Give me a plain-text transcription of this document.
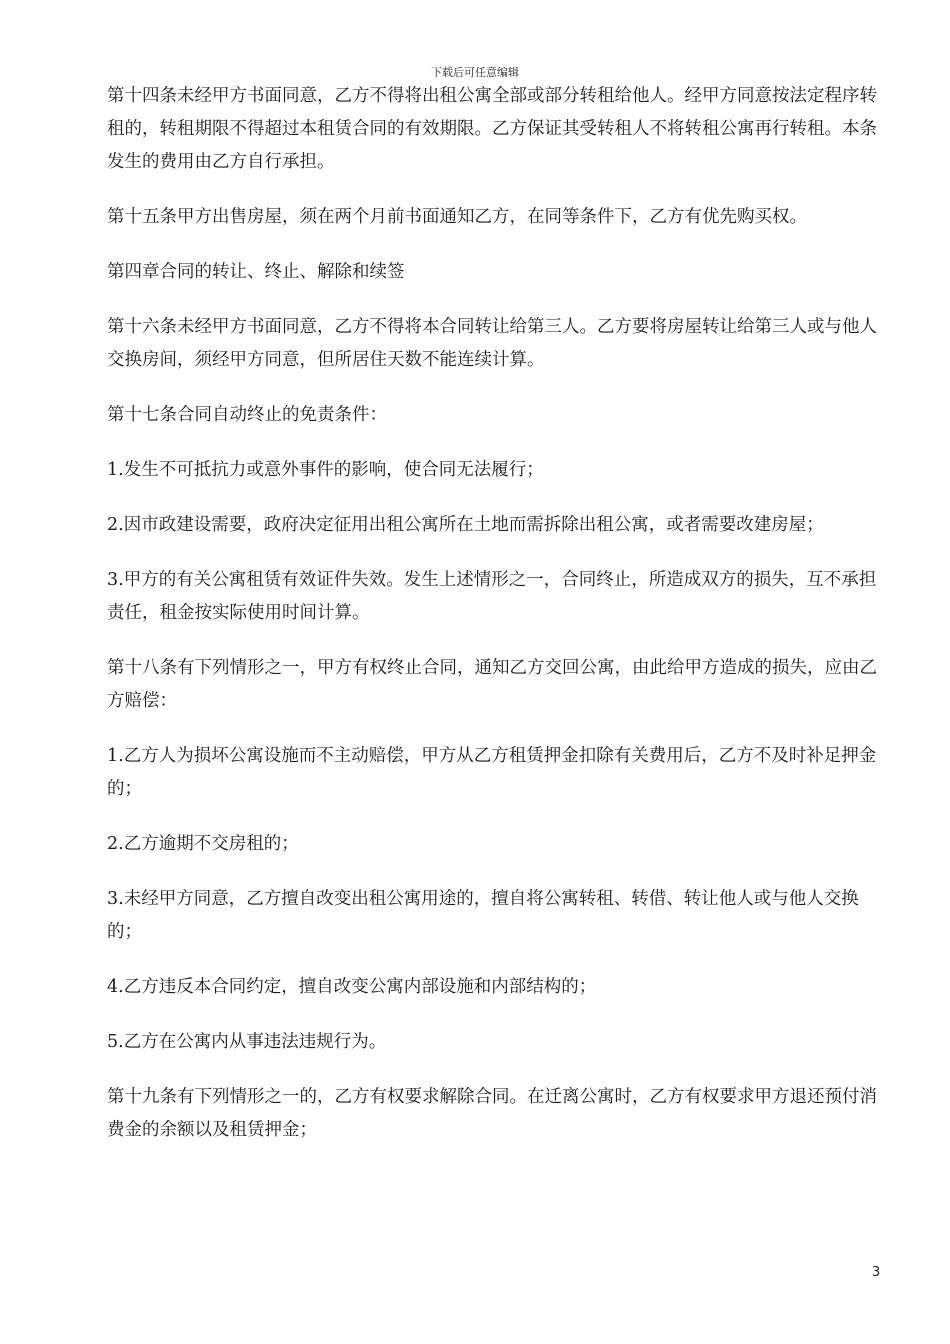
下载后可任意编辑

第十四条未经甲方书面同意，乙方不得将出租公寓全部或部分转租给他人。经甲方同意按法定程序转租的，转租期限不得超过本租赁合同的有效期限。乙方保证其受转租人不将转租公寓再行转租。本条发生的费用由乙方自行承担。

第十五条甲方出售房屋，须在两个月前书面通知乙方，在同等条件下，乙方有优先购买权。

第四章合同的转让、终止、解除和续签

第十六条未经甲方书面同意，乙方不得将本合同转让给第三人。乙方要将房屋转让给第三人或与他人交换房间，须经甲方同意，但所居住天数不能连续计算。

第十七条合同自动终止的免责条件：

1.发生不可抵抗力或意外事件的影响，使合同无法履行；

2.因市政建设需要，政府决定征用出租公寓所在土地而需拆除出租公寓，或者需要改建房屋；

3.甲方的有关公寓租赁有效证件失效。发生上述情形之一，合同终止，所造成双方的损失，互不承担责任，租金按实际使用时间计算。

第十八条有下列情形之一，甲方有权终止合同，通知乙方交回公寓，由此给甲方造成的损失，应由乙方赔偿：

1.乙方人为损坏公寓设施而不主动赔偿，甲方从乙方租赁押金扣除有关费用后，乙方不及时补足押金的；

2.乙方逾期不交房租的；

3.未经甲方同意，乙方擅自改变出租公寓用途的，擅自将公寓转租、转借、转让他人或与他人交换的；

4.乙方违反本合同约定，擅自改变公寓内部设施和内部结构的；

5.乙方在公寓内从事违法违规行为。

第十九条有下列情形之一的，乙方有权要求解除合同。在迁离公寓时，乙方有权要求甲方退还预付消费金的余额以及租赁押金；

3
